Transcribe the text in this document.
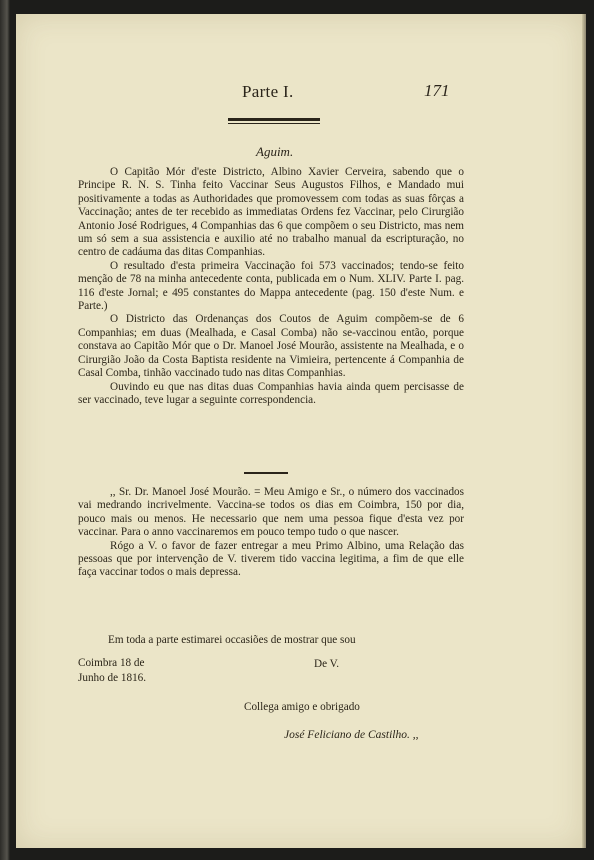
Parte I.	171
Aguim.

O Capitão Mór d'este Districto, Albino Xavier Cerveira, sabendo que o Principe R. N. S. Tinha feito Vaccinar Seus Augustos Filhos, e Mandado mui positivamente a todas as Authoridades que promovessem com todas as suas fôrças a Vaccinação; antes de ter recebido as immediatas Ordens fez Vaccinar, pelo Cirurgião Antonio José Rodrigues, 4 Companhias das 6 que compõem o seu Districto, mas nem um só sem a sua assistencia e auxilio até no trabalho manual da escripturação, no centro de cadáuma das ditas Companhias.

O resultado d'esta primeira Vaccinação foi 573 vaccinados; tendo-se feito menção de 78 na minha antecedente conta, publicada em o Num. XLIV. Parte I. pag. 116 d'este Jornal; e 495 constantes do Mappa antecedente (pag. 150 d'este Num. e Parte.)

O Districto das Ordenanças dos Coutos de Aguim compõem-se de 6 Companhias; em duas (Mealhada, e Casal Comba) não se-vaccinou então, porque constava ao Capitão Mór que o Dr. Manoel José Mourão, assistente na Mealhada, e o Cirurgião João da Costa Baptista residente na Vimieira, pertencente á Companhia de Casal Comba, tinhão vaccinado tudo nas ditas Companhias.

Ouvindo eu que nas ditas duas Companhias havia ainda quem percisasse de ser vaccinado, teve lugar a seguinte correspondencia.

,, Sr. Dr. Manoel José Mourão. = Meu Amigo e Sr., o número dos vaccinados vai medrando incrivelmente. Vaccina-se todos os dias em Coimbra, 150 por dia, pouco mais ou menos. He necessario que nem uma pessoa fique d'esta vez por vaccinar. Para o anno vaccinaremos em pouco tempo tudo o que nascer.

Rógo a V. o favor de fazer entregar a meu Primo Albino, uma Relação das pessoas que por intervenção de V. tiverem tido vaccina legitima, a fim de que elle faça vaccinar todos o mais depressa.

Em toda a parte estimarei occasiões de mostrar que sou
Coimbra 18 de
Junho de 1816.
De V.
Collega amigo e obrigado
José Feliciano de Castilho. ,,
